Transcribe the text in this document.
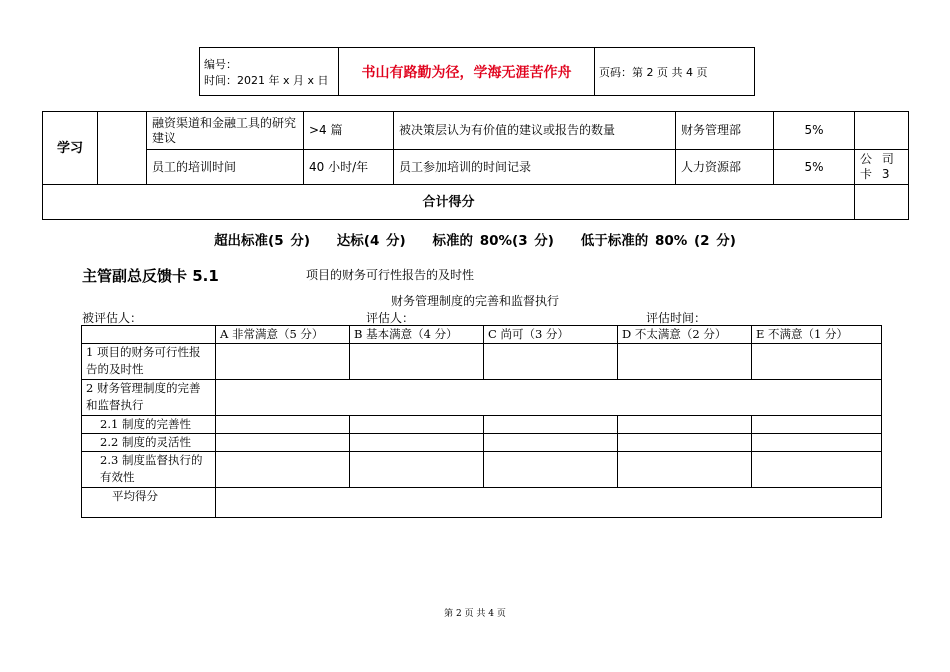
编号：
时间：2021 年 x 月 x 日	书山有路勤为径，学海无涯苦作舟	页码：第 2 页 共 4 页
学习		融资渠道和金融工具的研究建议	>4 篇	被决策层认为有价值的建议或报告的数量	财务管理部	5%	
		员工的培训时间	40 小时/年	员工参加培训的时间记录	人力资源部	5%	公 司 卡 3
合计得分							
超出标准(5 分)    达标(4 分)    标准的 80%(3 分)    低于标准的 80% (2 分)
主管副总反馈卡 5.1	项目的财务可行性报告的及时性
财务管理制度的完善和监督执行
被评估人：	评估人：	评估时间：
	A 非常满意（5 分）	B 基本满意（4 分）	C 尚可（3 分）	D 不太满意（2 分）	E 不满意（1 分）
1 项目的财务可行性报告的及时性					
2 财务管理制度的完善和监督执行					
2.1 制度的完善性					
2.2 制度的灵活性					
2.3 制度监督执行的有效性					
平均得分					
第 2 页 共 4 页
